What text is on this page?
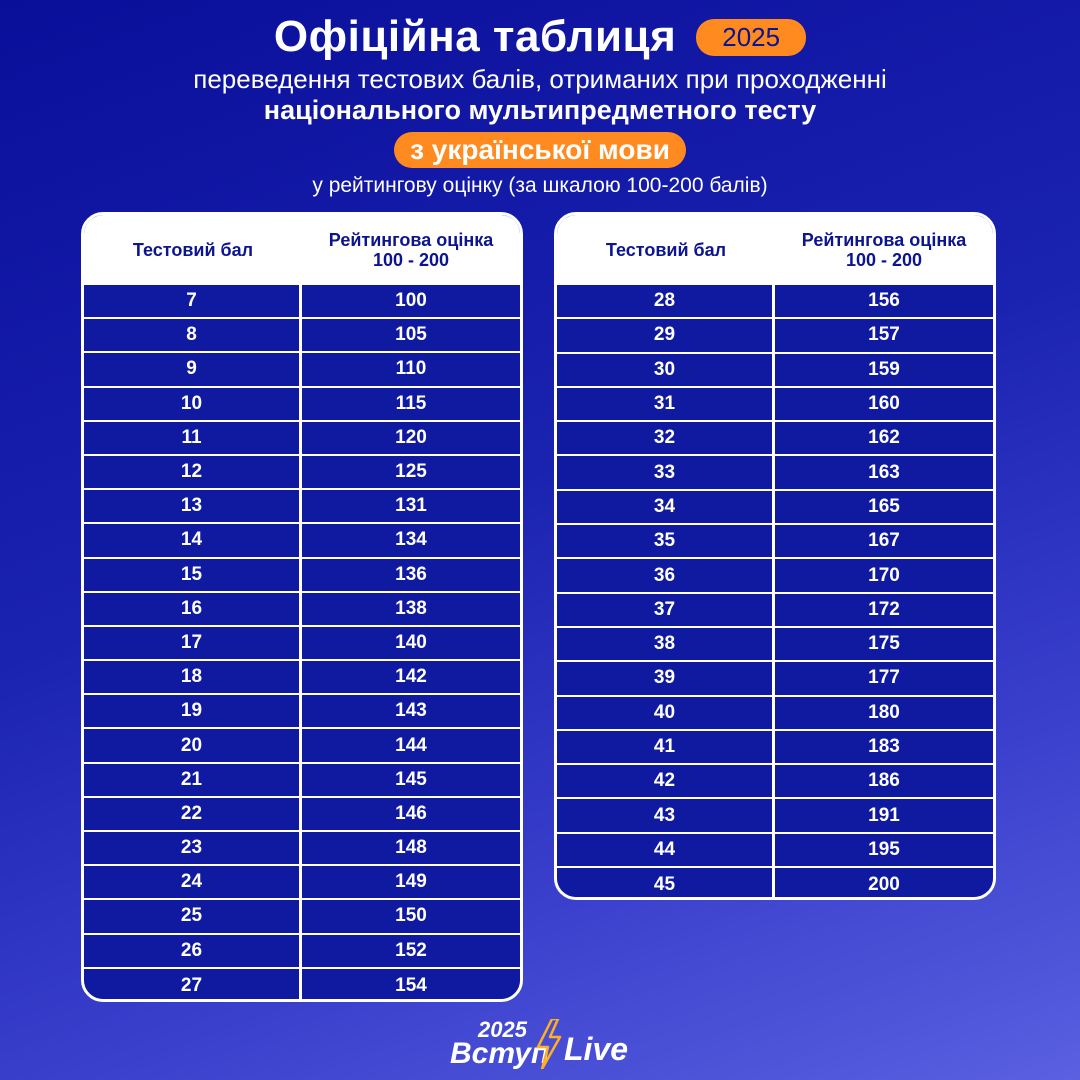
Офіційна таблиця	2025
переведення тестових балів, отриманих при проходженні
національного мультипредметного тесту
з української мови
у рейтингову оцінку (за шкалою 100-200 балів)
Тестовий бал	Рейтингова оцінка
100 - 200
7	100
8	105
9	110
10	115
11	120
12	125
13	131
14	134
15	136
16	138
17	140
18	142
19	143
20	144
21	145
22	146
23	148
24	149
25	150
26	152
27	154
Тестовий бал	Рейтингова оцінка
100 - 200
28	156
29	157
30	159
31	160
32	162
33	163
34	165
35	167
36	170
37	172
38	175
39	177
40	180
41	183
42	186
43	191
44	195
45	200
2025
Вступ Live
